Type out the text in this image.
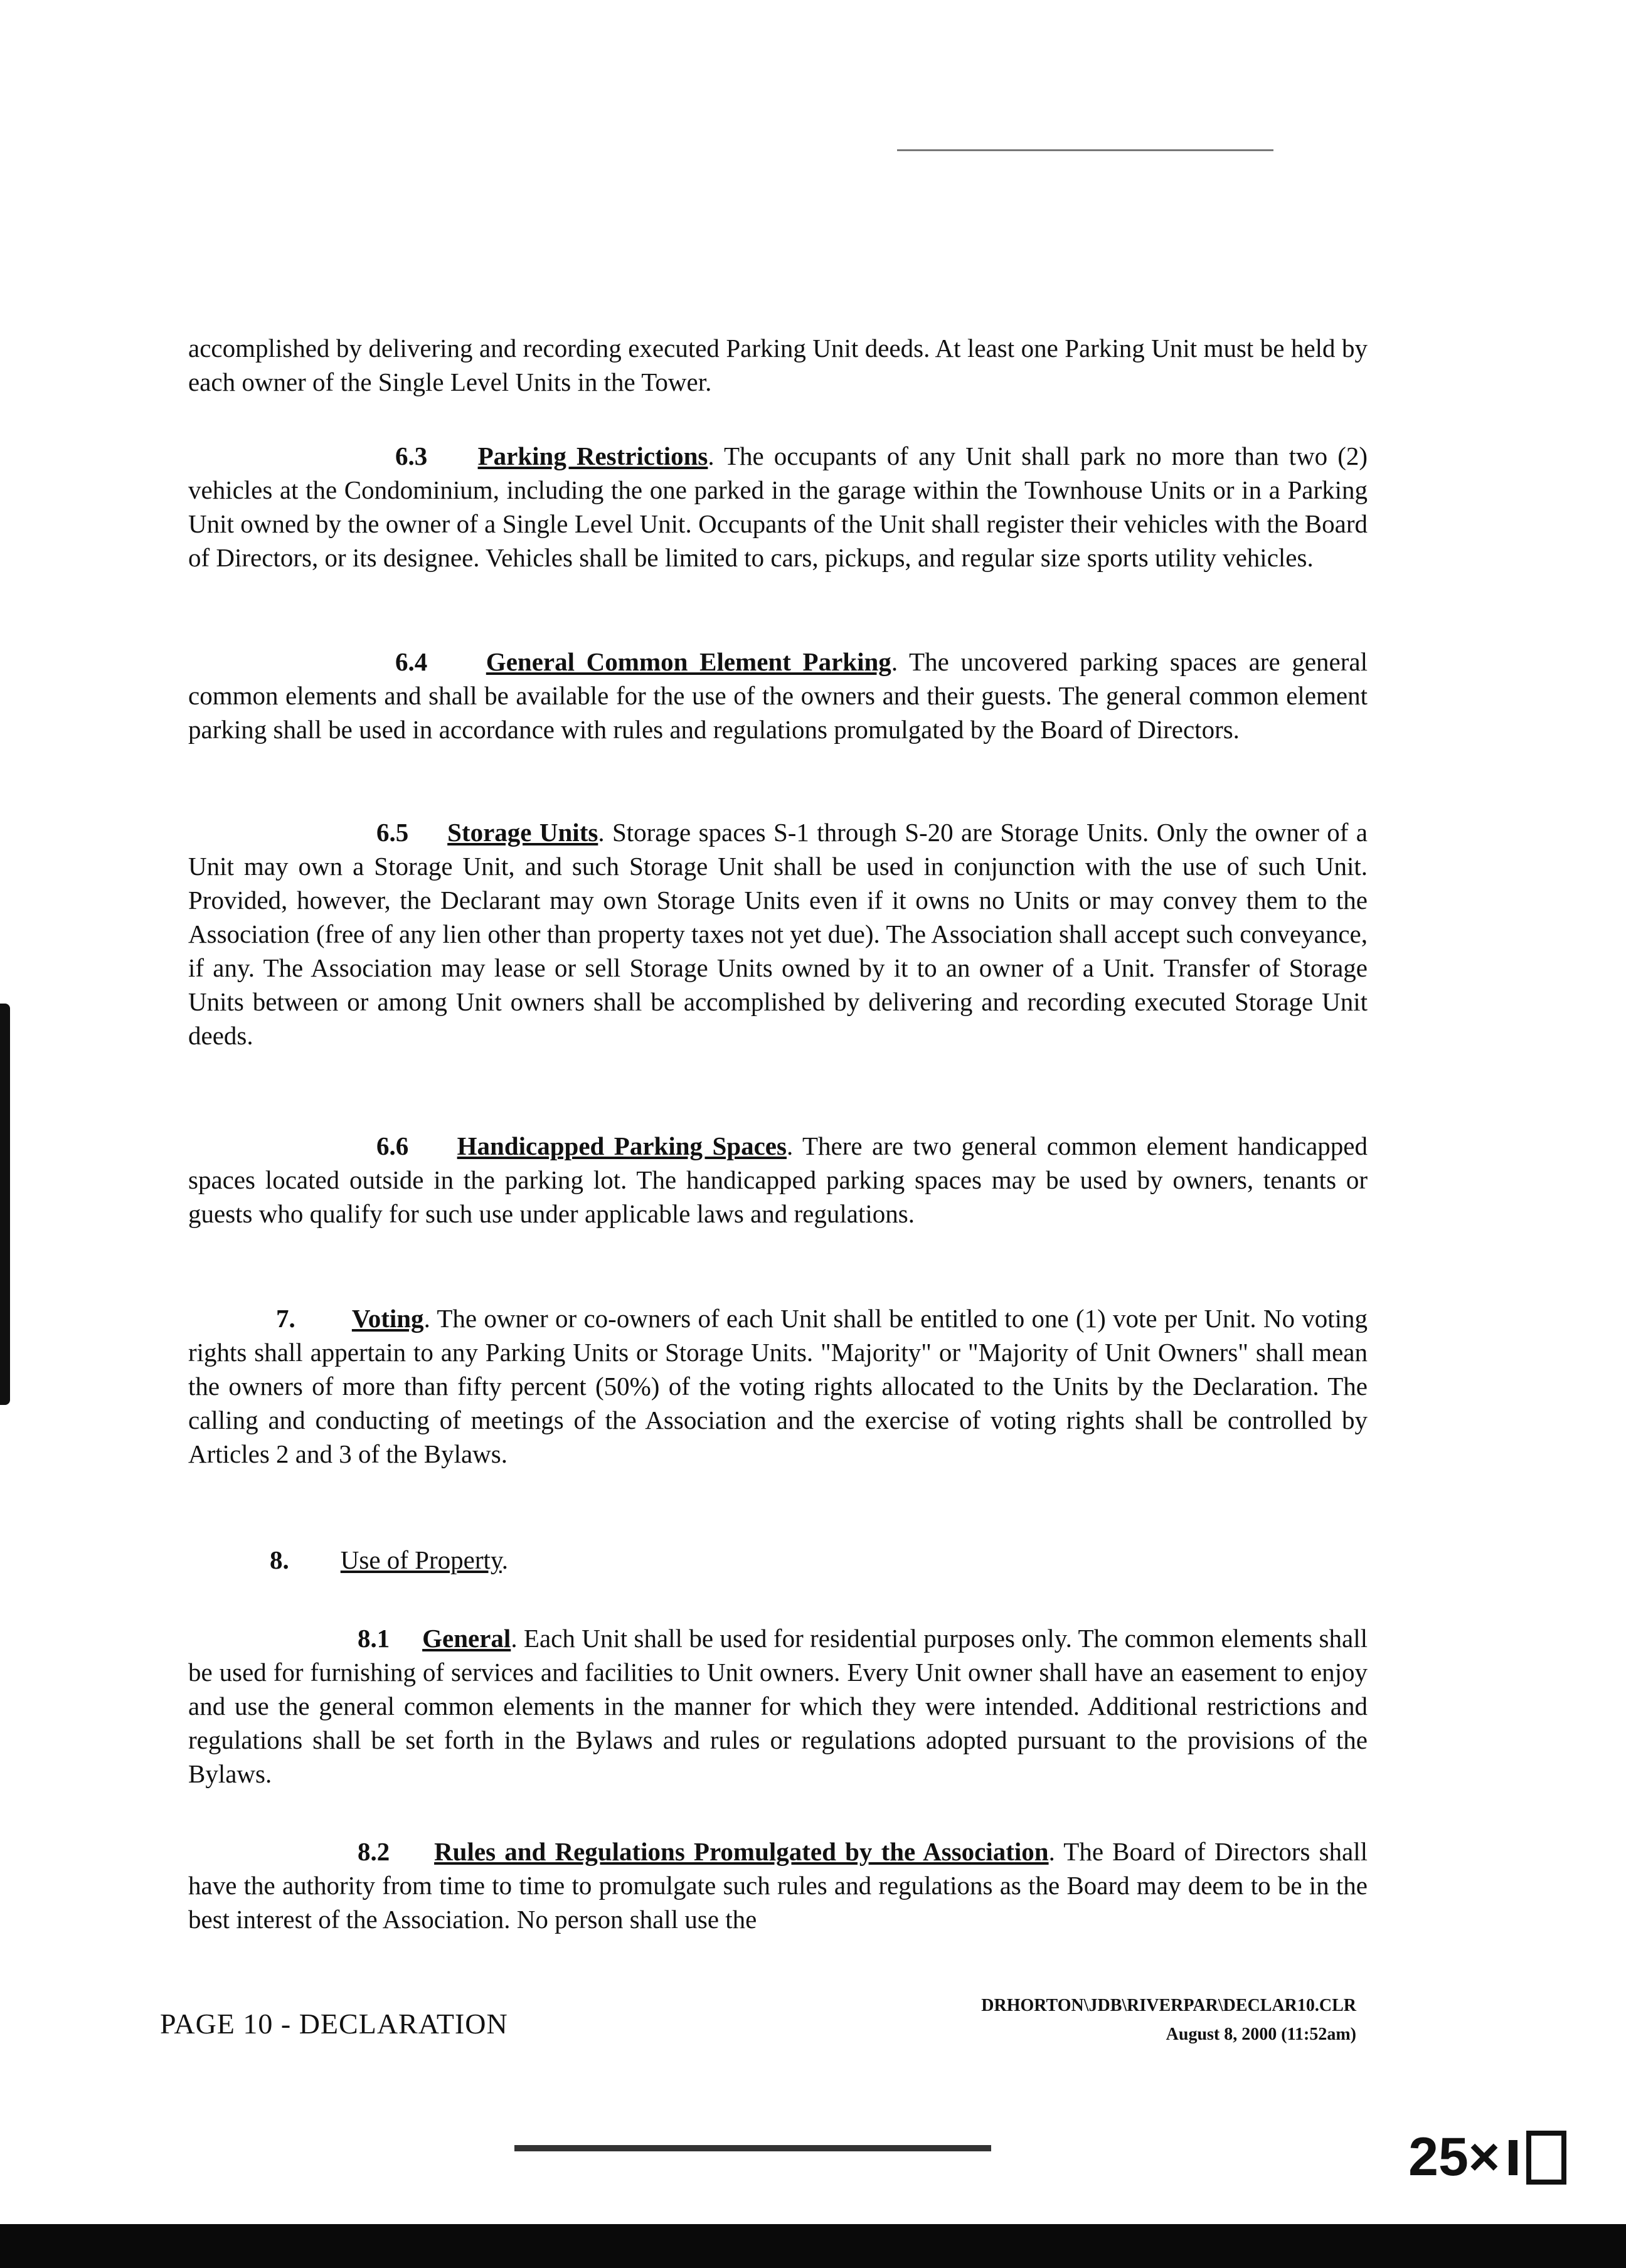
accomplished by delivering and recording executed Parking Unit deeds. At least one Parking Unit must be held by each owner of the Single Level Units in the Tower.

6.3 Parking Restrictions. The occupants of any Unit shall park no more than two (2) vehicles at the Condominium, including the one parked in the garage within the Townhouse Units or in a Parking Unit owned by the owner of a Single Level Unit. Occupants of the Unit shall register their vehicles with the Board of Directors, or its designee. Vehicles shall be limited to cars, pickups, and regular size sports utility vehicles.

6.4 General Common Element Parking. The uncovered parking spaces are general common elements and shall be available for the use of the owners and their guests. The general common element parking shall be used in accordance with rules and regulations promulgated by the Board of Directors.

6.5 Storage Units. Storage spaces S-1 through S-20 are Storage Units. Only the owner of a Unit may own a Storage Unit, and such Storage Unit shall be used in conjunction with the use of such Unit. Provided, however, the Declarant may own Storage Units even if it owns no Units or may convey them to the Association (free of any lien other than property taxes not yet due). The Association shall accept such conveyance, if any. The Association may lease or sell Storage Units owned by it to an owner of a Unit. Transfer of Storage Units between or among Unit owners shall be accomplished by delivering and recording executed Storage Unit deeds.

6.6 Handicapped Parking Spaces. There are two general common element handicapped spaces located outside in the parking lot. The handicapped parking spaces may be used by owners, tenants or guests who qualify for such use under applicable laws and regulations.

7. Voting. The owner or co-owners of each Unit shall be entitled to one (1) vote per Unit. No voting rights shall appertain to any Parking Units or Storage Units. "Majority" or "Majority of Unit Owners" shall mean the owners of more than fifty percent (50%) of the voting rights allocated to the Units by the Declaration. The calling and conducting of meetings of the Association and the exercise of voting rights shall be controlled by Articles 2 and 3 of the Bylaws.

8. Use of Property.

8.1 General. Each Unit shall be used for residential purposes only. The common elements shall be used for furnishing of services and facilities to Unit owners. Every Unit owner shall have an easement to enjoy and use the general common elements in the manner for which they were intended. Additional restrictions and regulations shall be set forth in the Bylaws and rules or regulations adopted pursuant to the provisions of the Bylaws.

8.2 Rules and Regulations Promulgated by the Association. The Board of Directors shall have the authority from time to time to promulgate such rules and regulations as the Board may deem to be in the best interest of the Association. No person shall use the

PAGE 10 - DECLARATION
DRHORTON\JDB\RIVERPAR\DECLAR10.CLR
August 8, 2000 (11:52am)
25×
